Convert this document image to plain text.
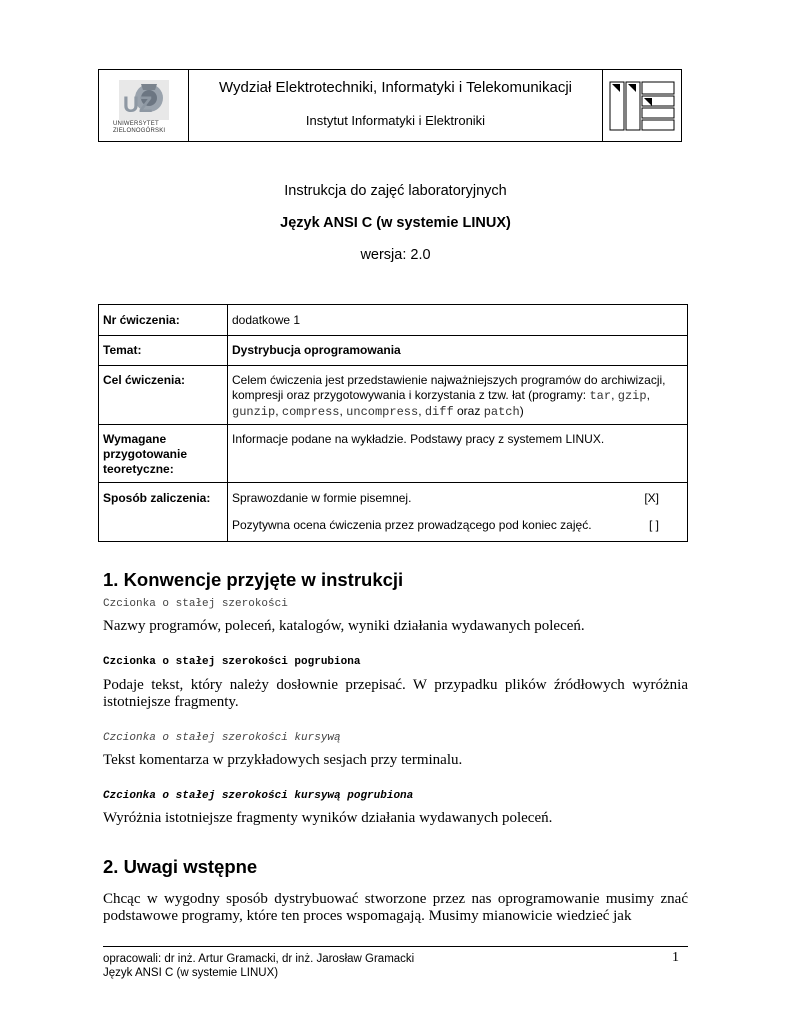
UZ
UNIWERSYTET
ZIELONOGÓRSKI
Wydział Elektrotechniki, Informatyki i Telekomunikacji
Instytut Informatyki i Elektroniki
Instrukcja do zajęć laboratoryjnych
Język ANSI C (w systemie LINUX)
wersja: 2.0
Nr ćwiczenia:	dodatkowe 1
Temat:	Dystrybucja oprogramowania
Cel ćwiczenia:	Celem ćwiczenia jest przedstawienie najważniejszych programów do archiwizacji, kompresji oraz przygotowywania i korzystania z tzw. łat (programy: tar, gzip, gunzip, compress, uncompress, diff oraz patch)
Wymagane przygotowanie teoretyczne:	Informacje podane na wykładzie. Podstawy pracy z systemem LINUX.
Sposób zaliczenia:	Sprawozdanie w formie pisemnej. [X]
Pozytywna ocena ćwiczenia przez prowadzącego pod koniec zajęć. [ ]
1. Konwencje przyjęte w instrukcji
Czcionka o stałej szerokości
Nazwy programów, poleceń, katalogów, wyniki działania wydawanych poleceń.
Czcionka o stałej szerokości pogrubiona
Podaje tekst, który należy dosłownie przepisać. W przypadku plików źródłowych wyróżnia istotniejsze fragmenty.
Czcionka o stałej szerokości kursywą
Tekst komentarza w przykładowych sesjach przy terminalu.
Czcionka o stałej szerokości kursywą pogrubiona
Wyróżnia istotniejsze fragmenty wyników działania wydawanych poleceń.
2. Uwagi wstępne
Chcąc w wygodny sposób dystrybuować stworzone przez nas oprogramowanie musimy znać podstawowe programy, które ten proces wspomagają. Musimy mianowicie wiedzieć jak
opracowali: dr inż. Artur Gramacki, dr inż. Jarosław Gramacki
Język ANSI C (w systemie LINUX)
1
